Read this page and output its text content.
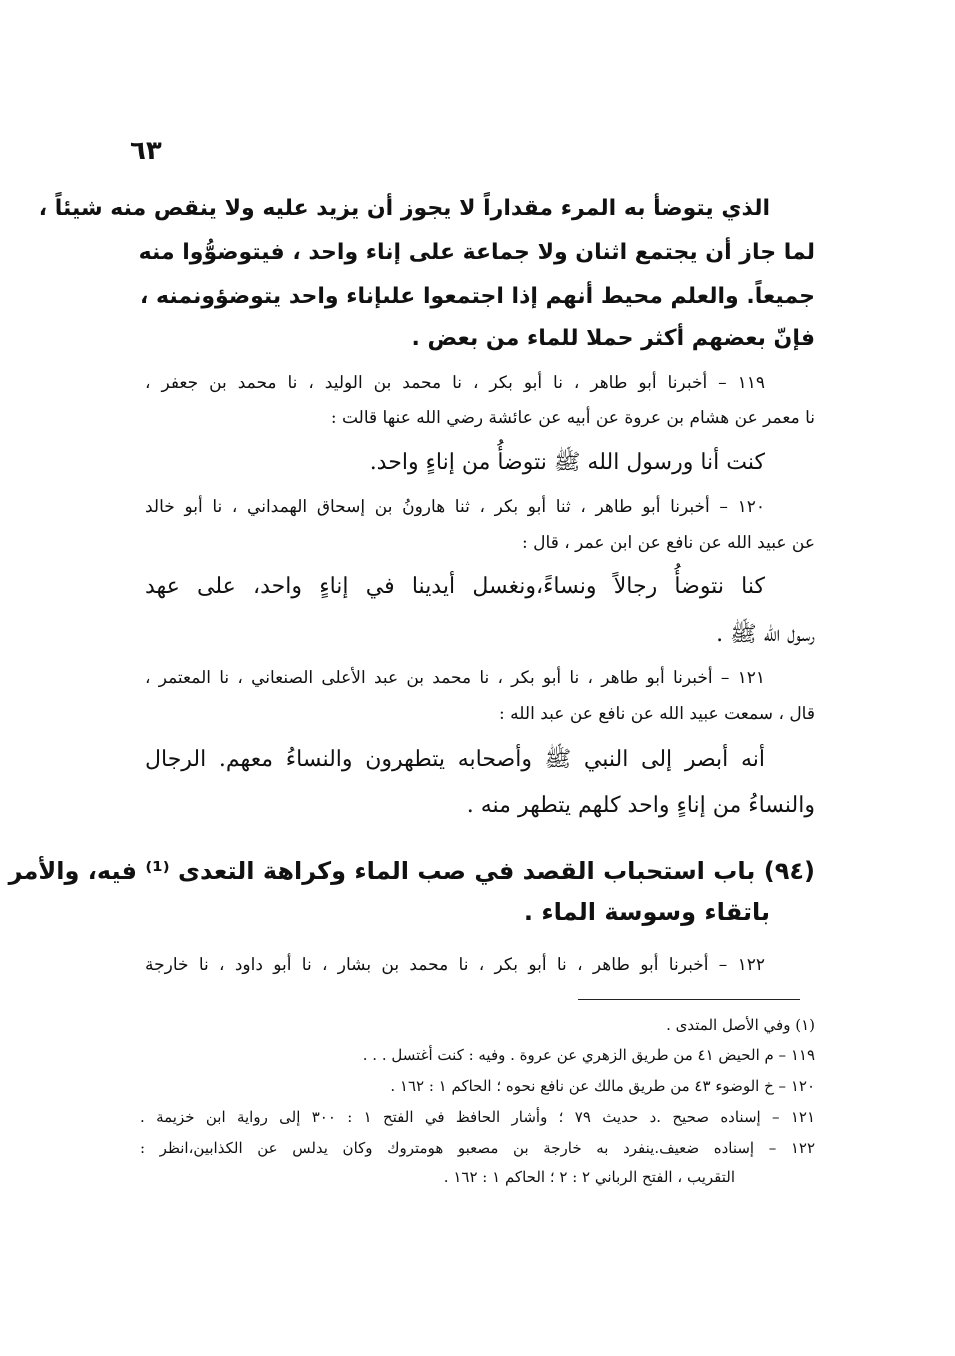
٦٣
الذي يتوضأ به المرء مقداراً لا يجوز أن يزيد عليه ولا ينقص منه شيئاً ،
لما جاز أن يجتمع اثنان ولا جماعة على إناء واحد ، فيتوضوُّوا منه
جميعاً. والعلم محيط أنهم إذا اجتمعوا علىإناء واحد يتوضؤونمنه ،
فإنّ بعضهم أكثر حملا للماء من بعض .
١١٩ – أخبرنا أبو طاهر ، نا أبو بكر ، نا محمد بن الوليد ، نا محمد بن جعفر ،
نا معمر عن هشام بن عروة عن أبيه عن عائشة رضي الله عنها قالت :
كنت أنا ورسول الله ﷺ نتوضأُ من إناءٍ واحد.
١٢٠ – أخبرنا أبو طاهر ، ثنا أبو بكر ، ثنا هارونُ بن إسحاق الهمداني ، نا أبو خالد
عن عبيد الله عن نافع عن ابن عمر ، قال :
كنا نتوضأُ رجالاً ونساءً،ونغسل أيدينا في إناءٍ واحد، على عهد
رسول الله ﷺ .
١٢١ – أخبرنا أبو طاهر ، نا أبو بكر ، نا محمد بن عبد الأعلى الصنعاني ، نا المعتمر ،
قال ، سمعت عبيد الله عن نافع عن عبد الله :
أنه أبصر إلى النبي ﷺ وأصحابه يتطهرون والنساءُ معهم. الرجال
والنساءُ من إناءٍ واحد كلهم يتطهر منه .
(٩٤) باب استحباب القصد في صب الماء وكراهة التعدى ⁽¹⁾ فيه، والأمر
باتقاء وسوسة الماء .
١٢٢ – أخبرنا أبو طاهر ، نا أبو بكر ، نا محمد بن بشار ، نا أبو داود ، نا خارجة
(١) وفي الأصل المتدى .
١١٩ – م الحيض ٤١ من طريق الزهري عن عروة . وفيه : كنت أغتسل . . .
١٢٠ – خ الوضوء ٤٣ من طريق مالك عن نافع نحوه ؛ الحاكم ١ : ١٦٢ .
١٢١ – إسناده صحيح .د حديث ٧٩ ؛ وأشار الحافظ في الفتح ١ : ٣٠٠ إلى رواية ابن خزيمة .
١٢٢ – إسناده ضعيف.ينفرد به خارجة بن مصعبو هومتروك وكان يدلس عن الكذابين،انظر :
التقريب ، الفتح الرباني ٢ : ٢ ؛ الحاكم ١ : ١٦٢ .
